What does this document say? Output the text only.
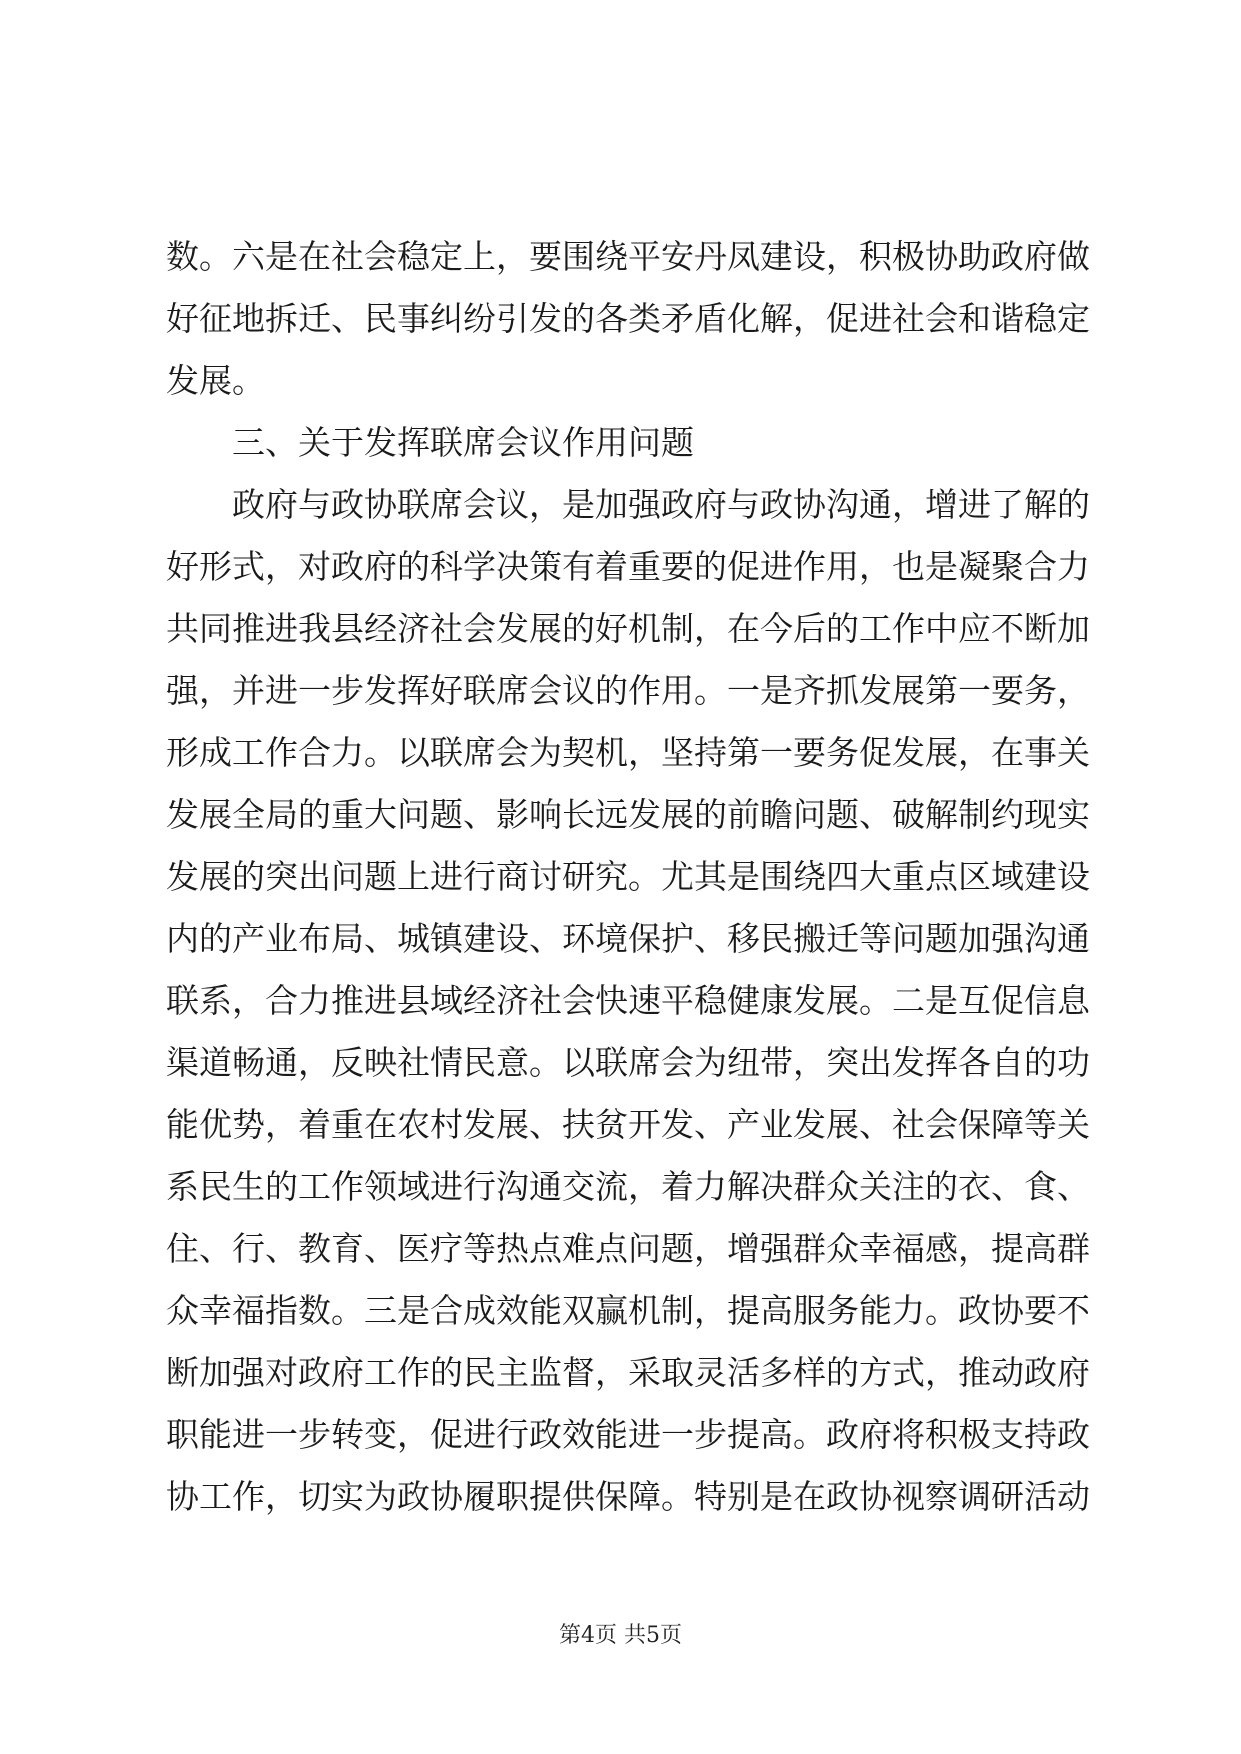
数。六是在社会稳定上，要围绕平安丹凤建设，积极协助政府做
好征地拆迁、民事纠纷引发的各类矛盾化解，促进社会和谐稳定
发展。
三、关于发挥联席会议作用问题
政府与政协联席会议，是加强政府与政协沟通，增进了解的
好形式，对政府的科学决策有着重要的促进作用，也是凝聚合力
共同推进我县经济社会发展的好机制，在今后的工作中应不断加
强，并进一步发挥好联席会议的作用。一是齐抓发展第一要务，
形成工作合力。以联席会为契机，坚持第一要务促发展，在事关
发展全局的重大问题、影响长远发展的前瞻问题、破解制约现实
发展的突出问题上进行商讨研究。尤其是围绕四大重点区域建设
内的产业布局、城镇建设、环境保护、移民搬迁等问题加强沟通
联系，合力推进县域经济社会快速平稳健康发展。二是互促信息
渠道畅通，反映社情民意。以联席会为纽带，突出发挥各自的功
能优势，着重在农村发展、扶贫开发、产业发展、社会保障等关
系民生的工作领域进行沟通交流，着力解决群众关注的衣、食、
住、行、教育、医疗等热点难点问题，增强群众幸福感，提高群
众幸福指数。三是合成效能双赢机制，提高服务能力。政协要不
断加强对政府工作的民主监督，采取灵活多样的方式，推动政府
职能进一步转变，促进行政效能进一步提高。政府将积极支持政
协工作，切实为政协履职提供保障。特别是在政协视察调研活动
第4页 共5页
